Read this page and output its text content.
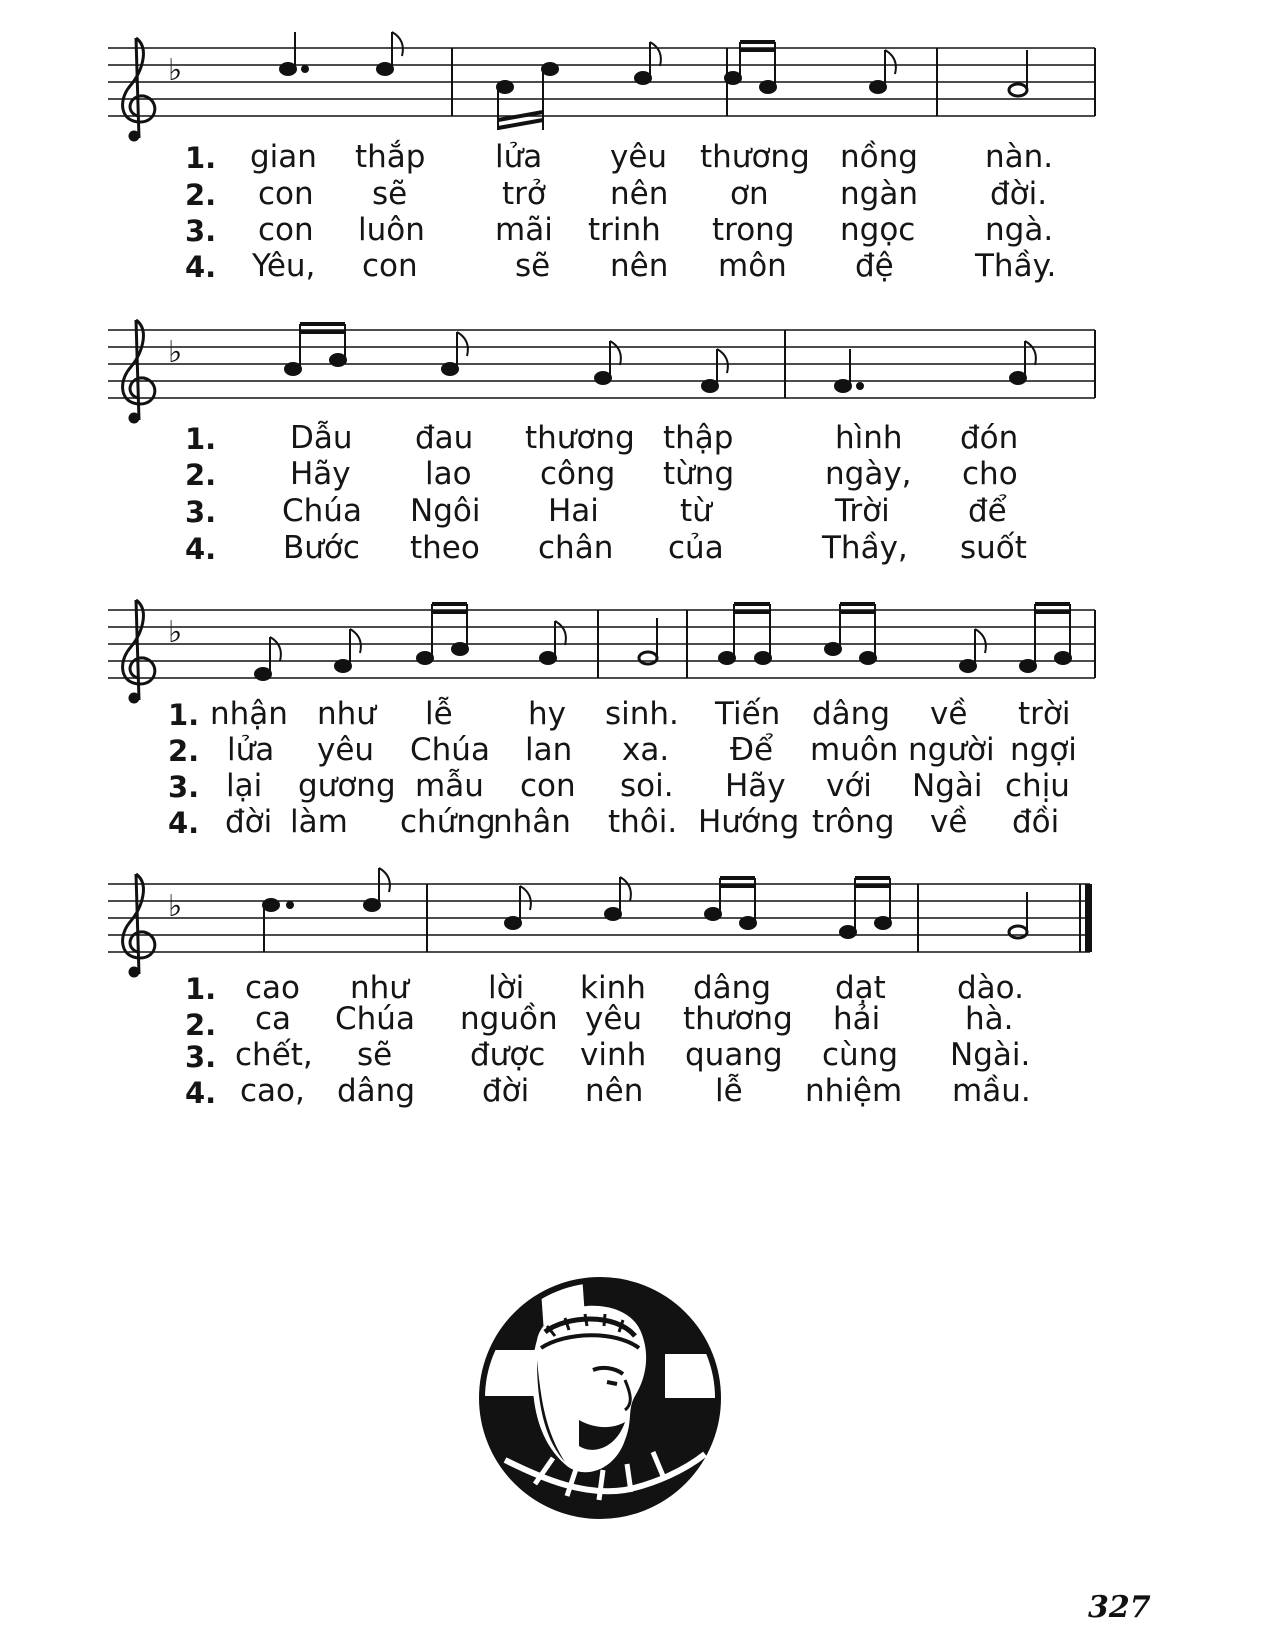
♭
1. gian thắp lửa yêu thương nồng nàn.
2. con sẽ	trở nên ơn ngàn đời.
3. con luôn mãi trinh trong ngọc ngà.
4. Yêu, con	sẽ nên môn đệ	Thầy.
♭
1. Dẫu đau thương thập	hình đón
2. Hãy lao công từng	ngày, cho
3. Chúa Ngôi Hai	từ	Trời	để
4. Bước theo chân của	Thầy, suốt
♭
1. nhận như lễ hy sinh. Tiến dâng về trời
2. lửa yêu Chúa lan xa. Để muôn người ngợi
3. lại gương mẫu con soi. Hãy với Ngài chịu
4. đời làm chứng
nhân thôi. Hướng trông về đồi
♭
1. cao như	lời kinh dâng dạt dào.
2. ca Chúa nguồn yêu thương hải	hà.
3. chết, sẽ	được vinh quang cùng Ngài.
4. cao, dâng đời nên lễ nhiệm mầu.
327
